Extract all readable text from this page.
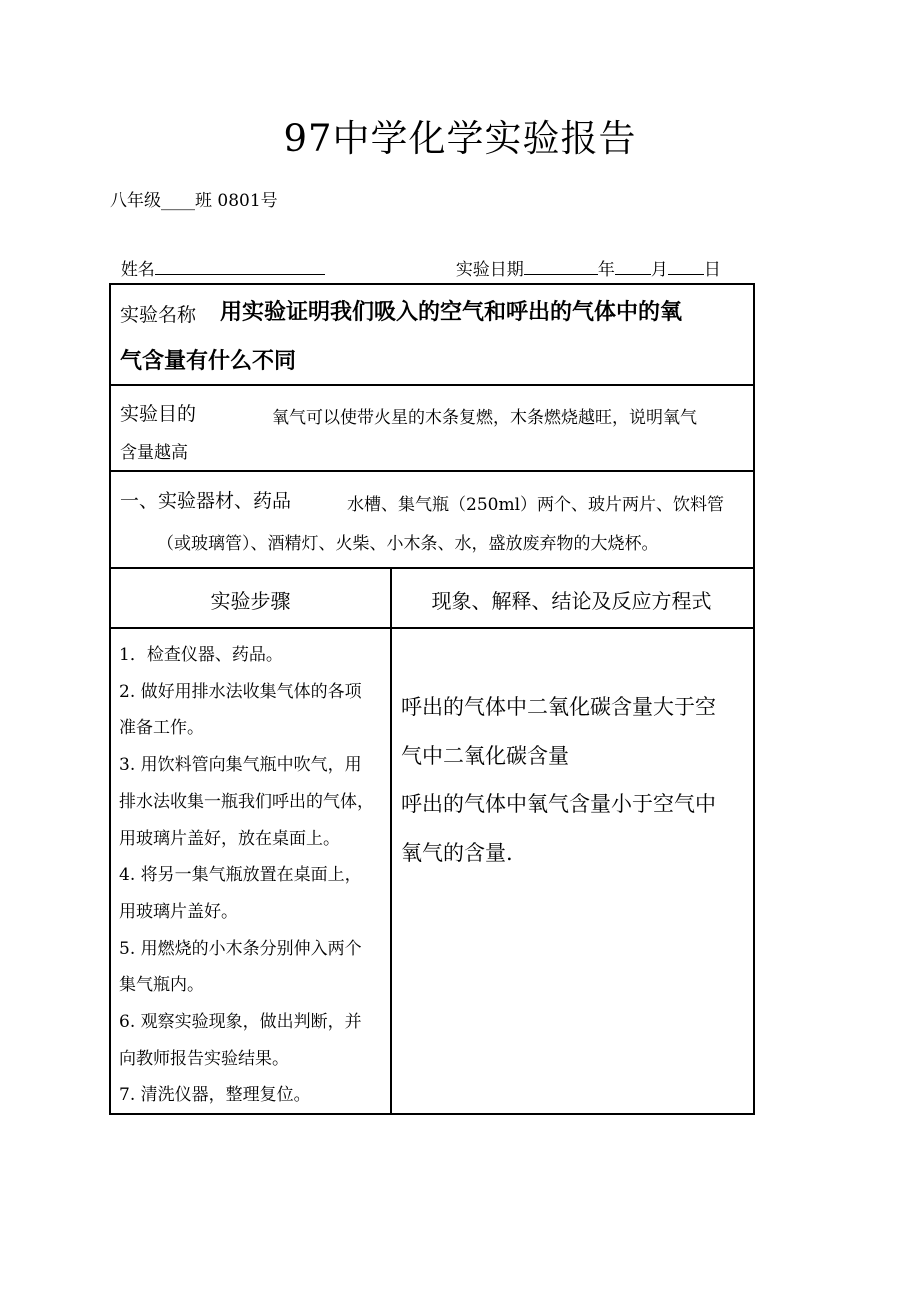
97中学化学实验报告
八年级____班 0801号

姓名	实验日期	年 月 日

实验名称 用实验证明我们吸入的空气和呼出的气体中的氧
气含量有什么不同
实验目的	氧气可以使带火星的木条复燃，木条燃烧越旺，说明氧气
含量越高
一、实验器材、药品	水槽、集气瓶（250ml）两个、玻片两片、饮料管
（或玻璃管）、酒精灯、火柴、小木条、水，盛放废弃物的大烧杯。
实验步骤	现象、解释、结论及反应方程式
1．检查仪器、药品。
2. 做好用排水法收集气体的各项
准备工作。
3. 用饮料管向集气瓶中吹气，用
排水法收集一瓶我们呼出的气体，
用玻璃片盖好，放在桌面上。
4. 将另一集气瓶放置在桌面上，
用玻璃片盖好。
5. 用燃烧的小木条分别伸入两个
集气瓶内。
6. 观察实验现象，做出判断，并
向教师报告实验结果。
7. 清洗仪器，整理复位。
呼出的气体中二氧化碳含量大于空
气中二氧化碳含量
呼出的气体中氧气含量小于空气中
氧气的含量.
